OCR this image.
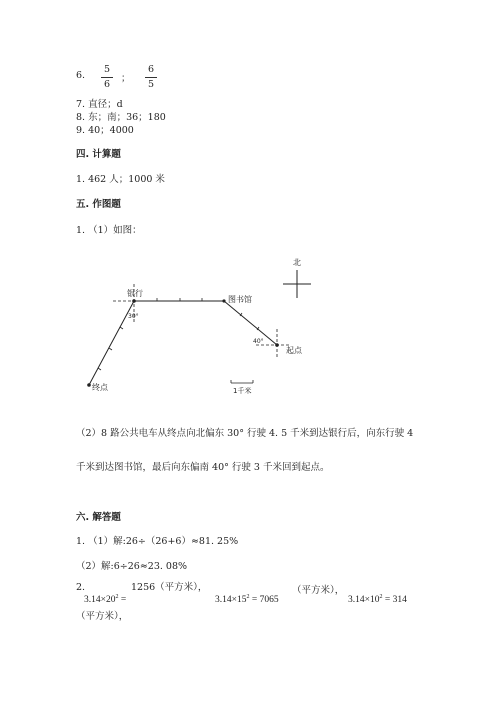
6.
5
6
；
6
5
7. 直径；d
8. 东；南；36；180
9. 40；4000
四. 计算题
1. 462 人；1000 米
五. 作图题
1. （1）如图：
北
银行
30°
图书馆
终点
40°
起点
1千米
（2）8 路公共电车从终点向北偏东 30° 行驶 4. 5 千米到达银行后，向东行驶 4
千米到达图书馆，最后向东偏南 40° 行驶 3 千米回到起点。
六. 解答题
1. （1）解:26÷（26+6）≈81. 25%
（2）解:6÷26≈23. 08%
2.	1256（平方米），	（平方米），
$3.14\times 20^2$ =	$3.14\times 15^2 = 7065$	$3.14\times 10^2 = 314$
（平方米），
